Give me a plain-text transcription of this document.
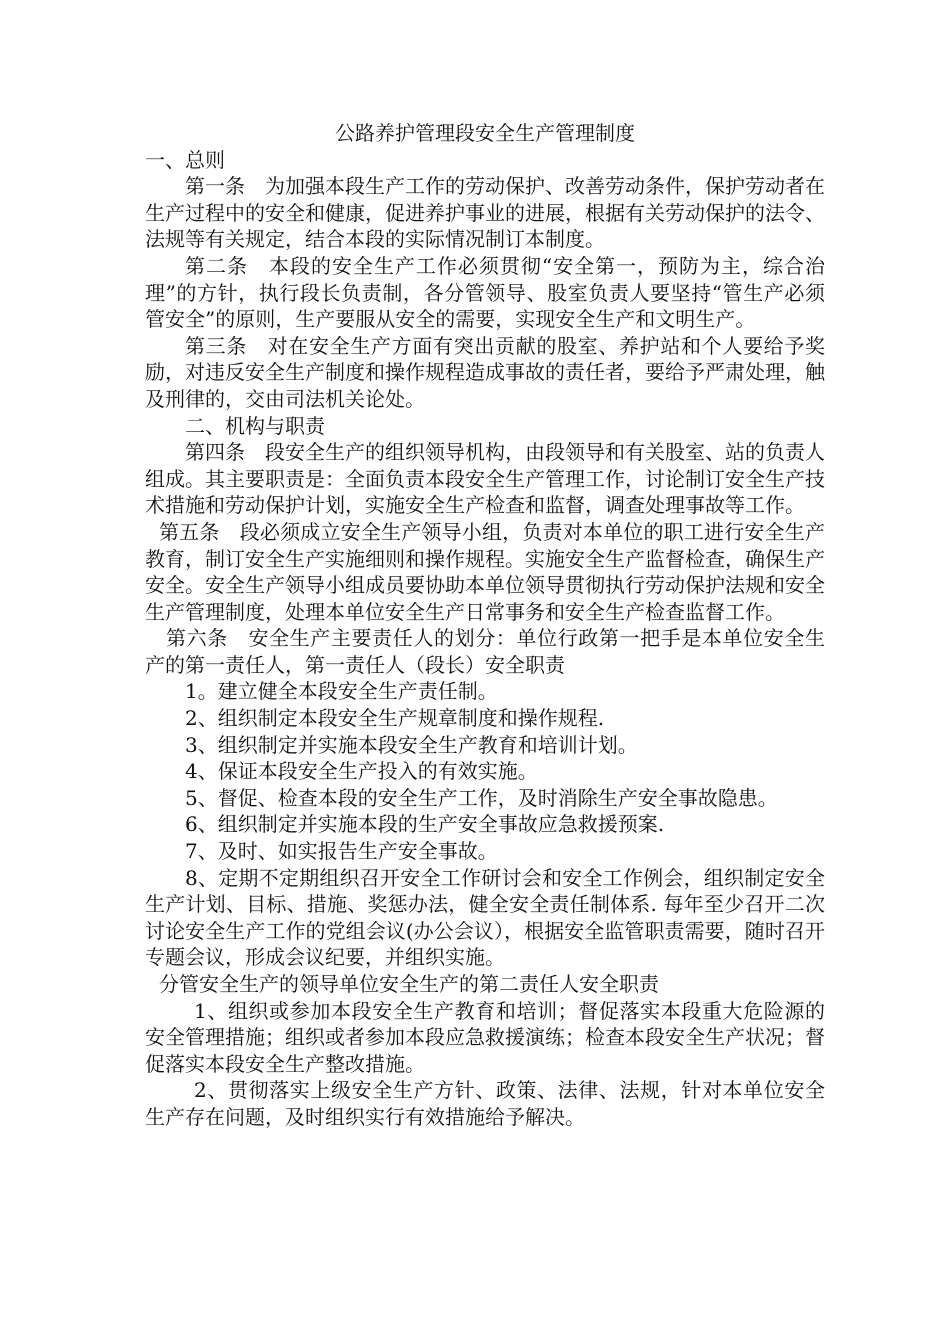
公路养护管理段安全生产管理制度

一、总则

第一条　为加强本段生产工作的劳动保护、改善劳动条件，保护劳动者在生产过程中的安全和健康，促进养护事业的进展，根据有关劳动保护的法令、法规等有关规定，结合本段的实际情况制订本制度。

第二条　本段的安全生产工作必须贯彻“安全第一，预防为主，综合治理”的方针，执行段长负责制，各分管领导、股室负责人要坚持“管生产必须管安全”的原则，生产要服从安全的需要，实现安全生产和文明生产。

第三条　对在安全生产方面有突出贡献的股室、养护站和个人要给予奖励，对违反安全生产制度和操作规程造成事故的责任者，要给予严肃处理，触及刑律的，交由司法机关论处。

二、机构与职责

第四条　段安全生产的组织领导机构，由段领导和有关股室、站的负责人组成。其主要职责是：全面负责本段安全生产管理工作，讨论制订安全生产技术措施和劳动保护计划，实施安全生产检查和监督，调查处理事故等工作。

第五条　段必须成立安全生产领导小组，负责对本单位的职工进行安全生产教育，制订安全生产实施细则和操作规程。实施安全生产监督检查，确保生产安全。安全生产领导小组成员要协助本单位领导贯彻执行劳动保护法规和安全生产管理制度，处理本单位安全生产日常事务和安全生产检查监督工作。

第六条　安全生产主要责任人的划分：单位行政第一把手是本单位安全生产的第一责任人，第一责任人（段长）安全职责

1。建立健全本段安全生产责任制。

2、组织制定本段安全生产规章制度和操作规程.

3、组织制定并实施本段安全生产教育和培训计划。

4、保证本段安全生产投入的有效实施。

5、督促、检查本段的安全生产工作，及时消除生产安全事故隐患。

6、组织制定并实施本段的生产安全事故应急救援预案.

7、及时、如实报告生产安全事故。

8、定期不定期组织召开安全工作研讨会和安全工作例会，组织制定安全生产计划、目标、措施、奖惩办法，健全安全责任制体系. 每年至少召开二次讨论安全生产工作的党组会议(办公会议），根据安全监管职责需要，随时召开专题会议，形成会议纪要，并组织实施。

分管安全生产的领导单位安全生产的第二责任人安全职责

1、组织或参加本段安全生产教育和培训；督促落实本段重大危险源的安全管理措施；组织或者参加本段应急救援演练；检查本段安全生产状况；督促落实本段安全生产整改措施。

2、贯彻落实上级安全生产方针、政策、法律、法规，针对本单位安全生产存在问题，及时组织实行有效措施给予解决。
